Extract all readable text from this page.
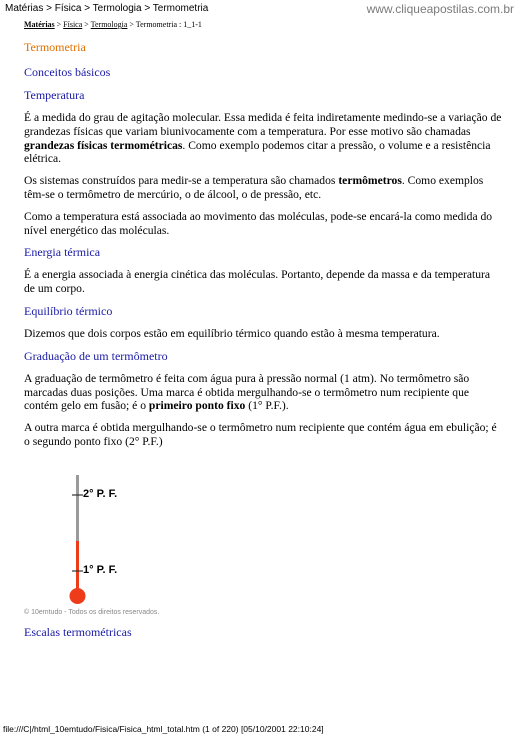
Matérias > Física > Termologia > Termometria	www.cliqueapostilas.com.br
Matérias > Física > Termologia > Termometria : 1_1-1
Termometria
Conceitos básicos
Temperatura

É a medida do grau de agitação molecular. Essa medida é feita indiretamente medindo-se a variação de grandezas físicas que variam biunivocamente com a temperatura. Por esse motivo são chamadas grandezas físicas termométricas. Como exemplo podemos citar a pressão, o volume e a resistência elétrica.

Os sistemas construídos para medir-se a temperatura são chamados termômetros. Como exemplos têm-se o termômetro de mercúrio, o de álcool, o de pressão, etc.

Como a temperatura está associada ao movimento das moléculas, pode-se encará-la como medida do nível energético das moléculas.

Energia térmica

É a energia associada à energia cinética das moléculas. Portanto, depende da massa e da temperatura de um corpo.

Equilíbrio térmico

Dizemos que dois corpos estão em equilíbrio térmico quando estão à mesma temperatura.

Graduação de um termômetro

A graduação de termômetro é feita com água pura à pressão normal (1 atm). No termômetro são marcadas duas posições. Uma marca é obtida mergulhando-se o termômetro num recipiente que contém gelo em fusão; é o primeiro ponto fixo (1° P.F.).

A outra marca é obtida mergulhando-se o termômetro num recipiente que contém água em ebulição; é o segundo ponto fixo (2° P.F.)

2° P. F.
1° P. F.
© 10emtudo - Todos os direitos reservados.
Escalas termométricas
file:///C|/html_10emtudo/Fisica/Fisica_html_total.htm (1 of 220) [05/10/2001 22:10:24]
